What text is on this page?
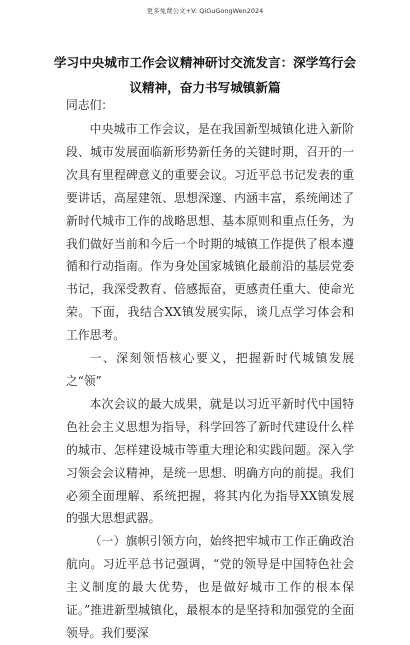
更多免费公文+V: QiGuGongWen2024
学习中央城市工作会议精神研讨交流发言：深学笃行会议精神，奋力书写城镇新篇
同志们：

中央城市工作会议，是在我国新型城镇化进入新阶段、城市发展面临新形势新任务的关键时期，召开的一次具有里程碑意义的重要会议。习近平总书记发表的重要讲话，高屋建瓴、思想深邃、内涵丰富，系统阐述了新时代城市工作的战略思想、基本原则和重点任务，为我们做好当前和今后一个时期的城镇工作提供了根本遵循和行动指南。作为身处国家城镇化最前沿的基层党委书记，我深受教育、倍感振奋，更感责任重大、使命光荣。下面，我结合XX镇发展实际，谈几点学习体会和工作思考。

一、深刻领悟核心要义，把握新时代城镇发展之“领”

本次会议的最大成果，就是以习近平新时代中国特色社会主义思想为指导，科学回答了新时代建设什么样的城市、怎样建设城市等重大理论和实践问题。深入学习领会会议精神，是统一思想、明确方向的前提。我们必须全面理解、系统把握，将其内化为指导XX镇发展的强大思想武器。

（一）旗帜引领方向，始终把牢城市工作正确政治航向。习近平总书记强调，“党的领导是中国特色社会主义制度的最大优势，也是做好城市工作的根本保证。”推进新型城镇化，最根本的是坚持和加强党的全面领导。我们要深
